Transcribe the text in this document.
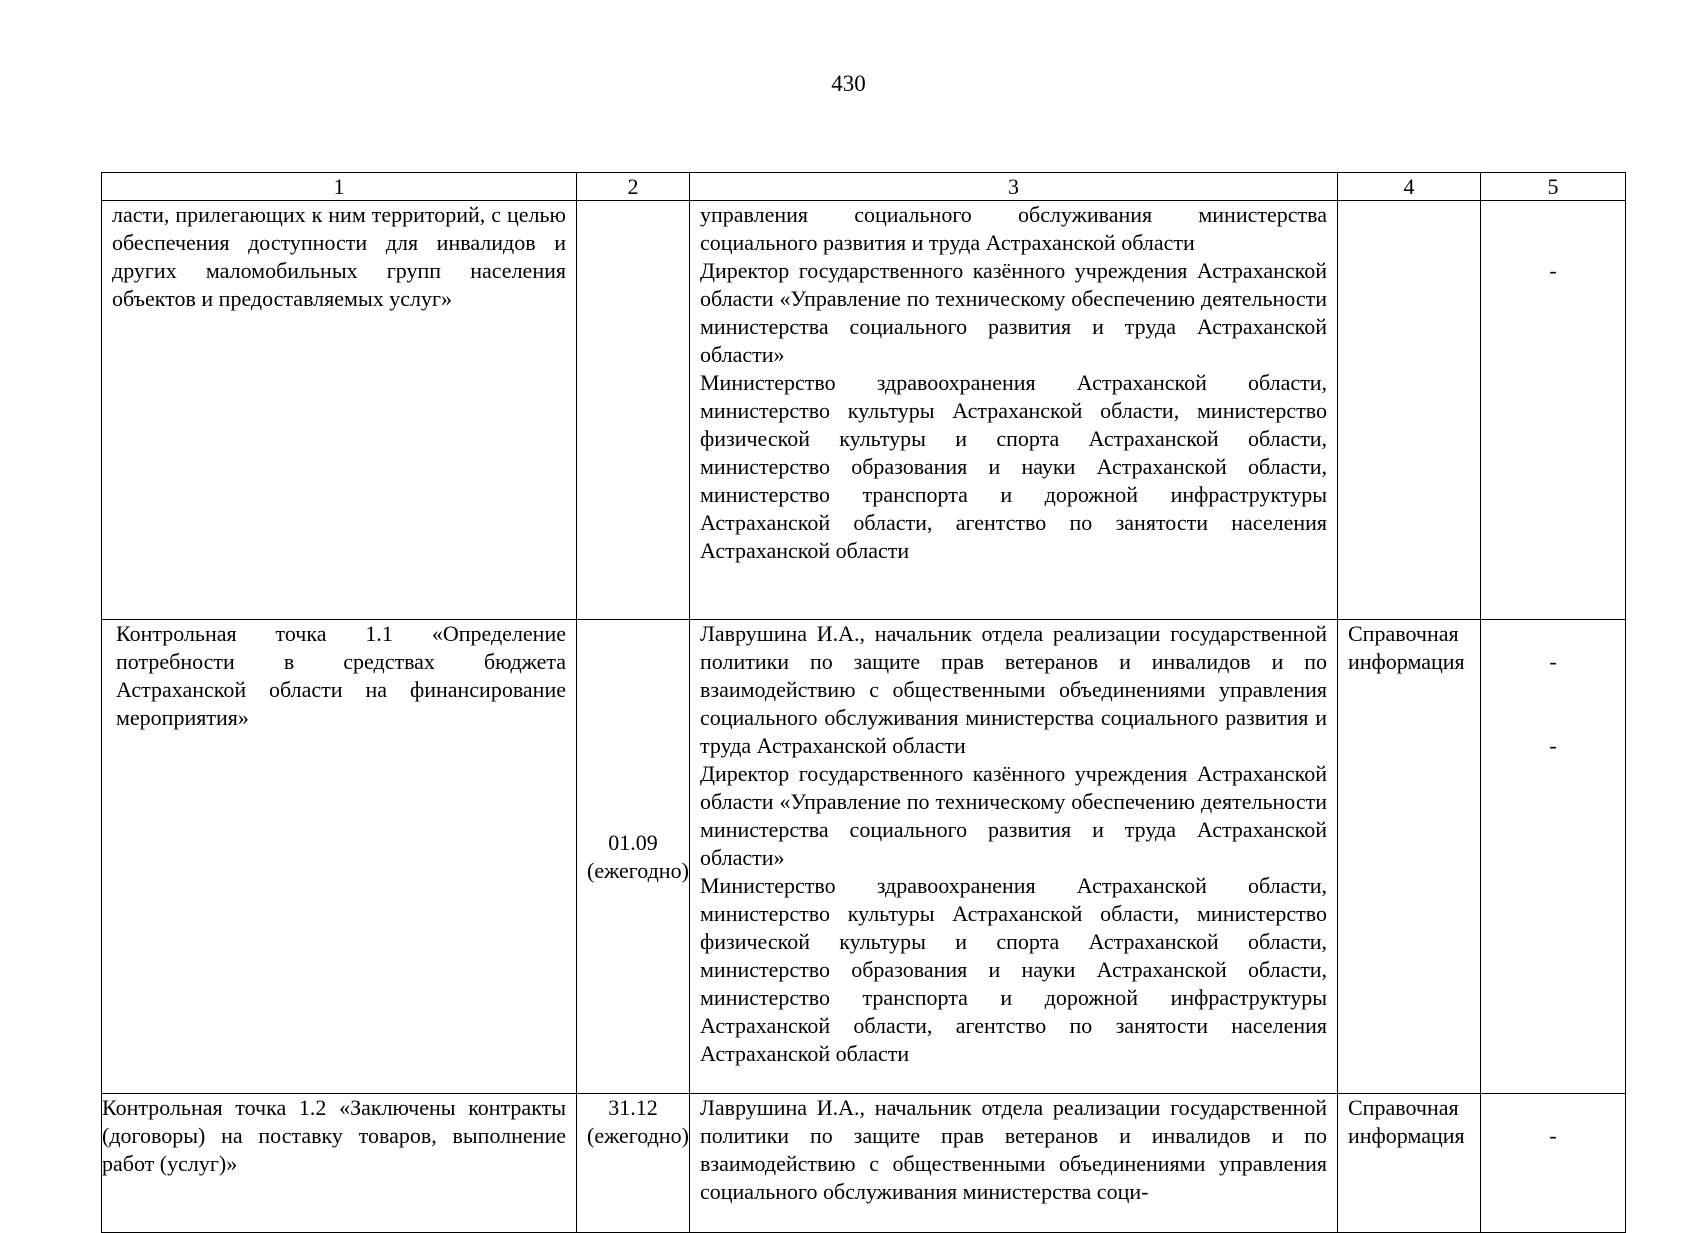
430
1	2	3	4	5
ласти, прилегающих к ним территорий, с целью обеспечения доступности для инвалидов и других маломобильных групп населения объектов и предоставляемых услуг»		управления социального обслуживания министерства социального развития и труда Астраханской области
Директор государственного казённого учреждения Астраханской области «Управление по техническому обеспечению деятельности министерства социального развития и труда Астраханской области»
Министерство здравоохранения Астраханской области, министерство культуры Астраханской области, министерство физической культуры и спорта Астраханской области, министерство образования и науки Астраханской области, министерство транспорта и дорожной инфраструктуры Астраханской области, агентство по занятости населения Астраханской области		-

Контрольная точка 1.1 «Определение потребности в средствах бюджета Астраханской области на финансирование мероприятия»	01.09 (ежегодно)	Лаврушина И.А., начальник отдела реализации государственной политики по защите прав ветеранов и инвалидов и по взаимодействию с общественными объединениями управления социального обслуживания министерства социального развития и труда Астраханской области
Директор государственного казённого учреждения Астраханской области «Управление по техническому обеспечению деятельности министерства социального развития и труда Астраханской области»
Министерство здравоохранения Астраханской области, министерство культуры Астраханской области, министерство физической культуры и спорта Астраханской области, министерство образования и науки Астраханской области, министерство транспорта и дорожной инфраструктуры Астраханской области, агентство по занятости населения Астраханской области	Справочная информация	-
-

Контрольная точка 1.2 «Заключены контракты (договоры) на поставку товаров, выполнение работ (услуг)»	31.12 (ежегодно)	Лаврушина И.А., начальник отдела реализации государственной политики по защите прав ветеранов и инвалидов и по взаимодействию с общественными объединениями управления социального обслуживания министерства соци-	Справочная информация	-
